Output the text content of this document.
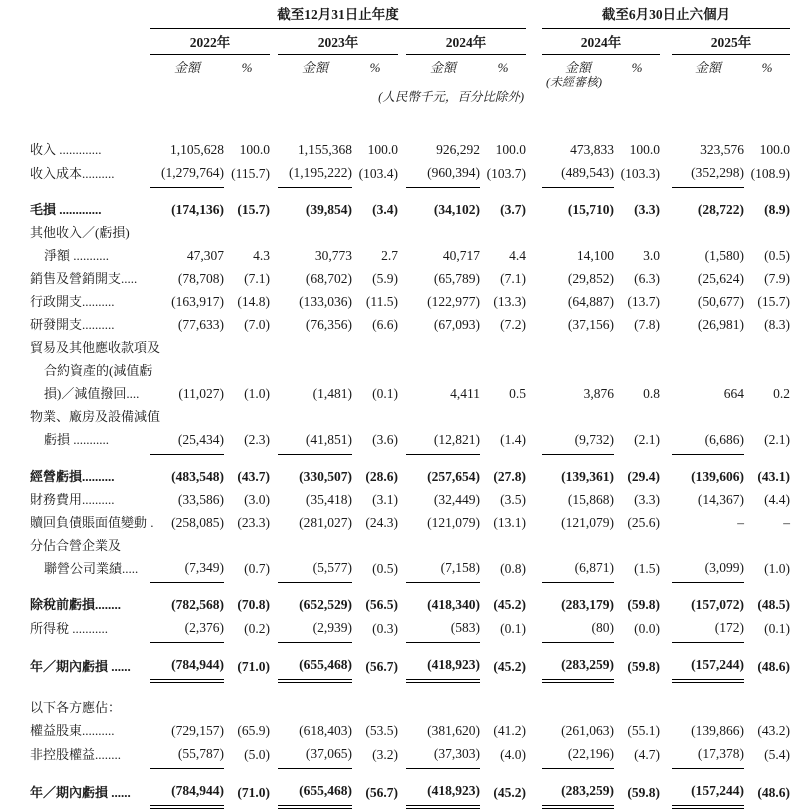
	截至12月31日止年度									截至6月30日止六個月				
	2022年			2023年			2024年			2024年			2025年	
	金額	%		金額	%		金額	%		金額	%		金額	%
										(未經審核)				
(人民幣千元，百分比除外)														

收入 .............	1,105,628	100.0		1,155,368	100.0		926,292	100.0		473,833	100.0		323,576	100.0

收入成本..........	(1,279,764)	(115.7)		(1,195,222)	(103.4)		(960,394)	(103.7)		(489,543)	(103.3)		(352,298)	(108.9)

毛損 .............	(174,136)	(15.7)		(39,854)	(3.4)		(34,102)	(3.7)		(15,710)	(3.3)		(28,722)	(8.9)

其他收入／(虧損)
淨額 ...........	47,307	4.3		30,773	2.7		40,717	4.4		14,100	3.0		(1,580)	(0.5)

銷售及營銷開支.....	(78,708)	(7.1)		(68,702)	(5.9)		(65,789)	(7.1)		(29,852)	(6.3)		(25,624)	(7.9)

行政開支..........	(163,917)	(14.8)		(133,036)	(11.5)		(122,977)	(13.3)		(64,887)	(13.7)		(50,677)	(15.7)

研發開支..........	(77,633)	(7.0)		(76,356)	(6.6)		(67,093)	(7.2)		(37,156)	(7.8)		(26,981)	(8.3)

貿易及其他應收款項及
合約資產的(減值虧
損)／減值撥回....	(11,027)	(1.0)		(1,481)	(0.1)		4,411	0.5		3,876	0.8		664	0.2

物業、廠房及設備減值
虧損 ...........	(25,434)	(2.3)		(41,851)	(3.6)		(12,821)	(1.4)		(9,732)	(2.1)		(6,686)	(2.1)

經營虧損..........	(483,548)	(43.7)		(330,507)	(28.6)		(257,654)	(27.8)		(139,361)	(29.4)		(139,606)	(43.1)

財務費用..........	(33,586)	(3.0)		(35,418)	(3.1)		(32,449)	(3.5)		(15,868)	(3.3)		(14,367)	(4.4)

贖回負債賬面值變動 .	(258,085)	(23.3)		(281,027)	(24.3)		(121,079)	(13.1)		(121,079)	(25.6)		–	–

分佔合營企業及
聯營公司業績.....	(7,349)	(0.7)		(5,577)	(0.5)		(7,158)	(0.8)		(6,871)	(1.5)		(3,099)	(1.0)

除稅前虧損........	(782,568)	(70.8)		(652,529)	(56.5)		(418,340)	(45.2)		(283,179)	(59.8)		(157,072)	(48.5)

所得稅 ...........	(2,376)	(0.2)		(2,939)	(0.3)		(583)	(0.1)		(80)	(0.0)		(172)	(0.1)

年／期內虧損 ......	(784,944)	(71.0)		(655,468)	(56.7)		(418,923)	(45.2)		(283,259)	(59.8)		(157,244)	(48.6)

以下各方應佔：														

權益股東..........	(729,157)	(65.9)		(618,403)	(53.5)		(381,620)	(41.2)		(261,063)	(55.1)		(139,866)	(43.2)

非控股權益........	(55,787)	(5.0)		(37,065)	(3.2)		(37,303)	(4.0)		(22,196)	(4.7)		(17,378)	(5.4)

年／期內虧損 ......	(784,944)	(71.0)		(655,468)	(56.7)		(418,923)	(45.2)		(283,259)	(59.8)		(157,244)	(48.6)
